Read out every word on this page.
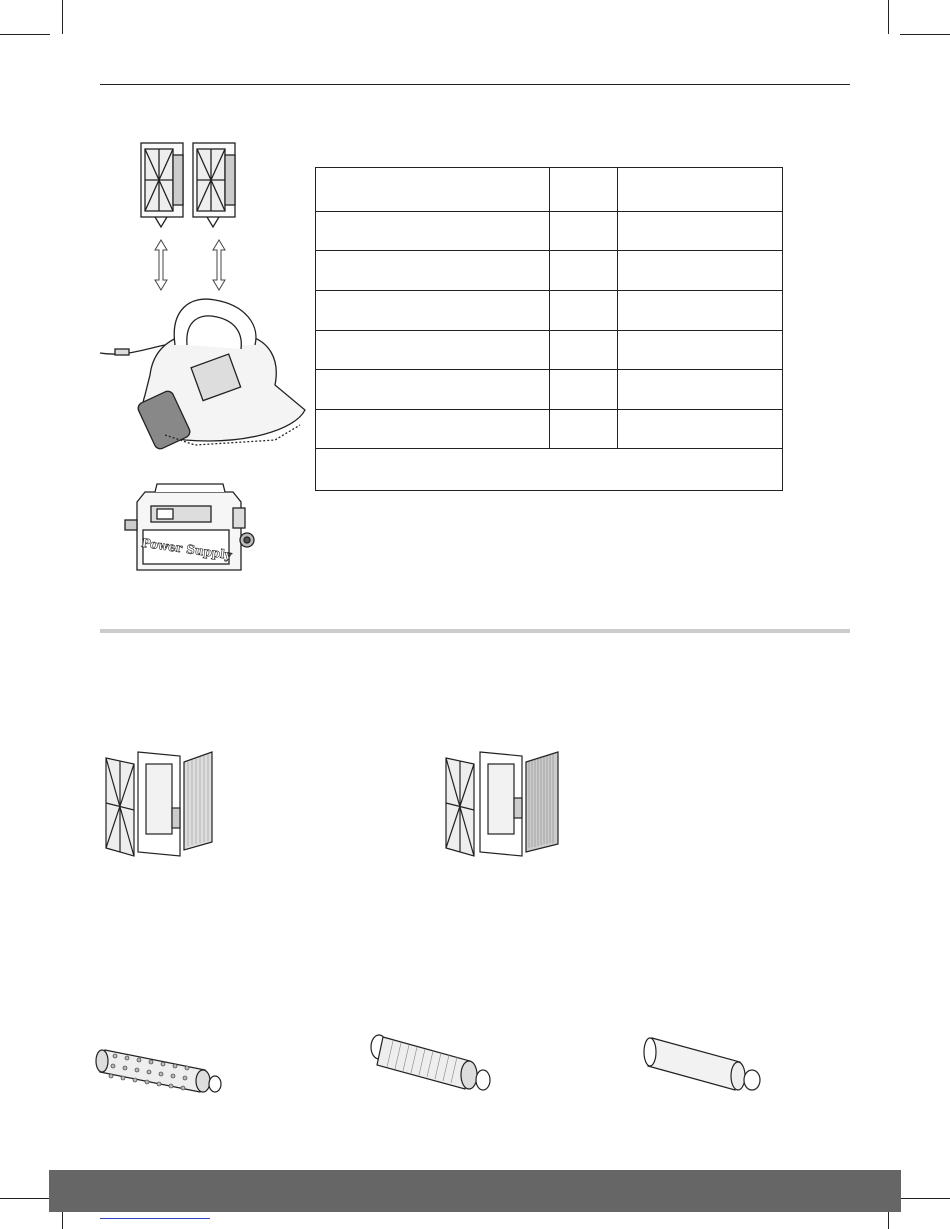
Power Supply
